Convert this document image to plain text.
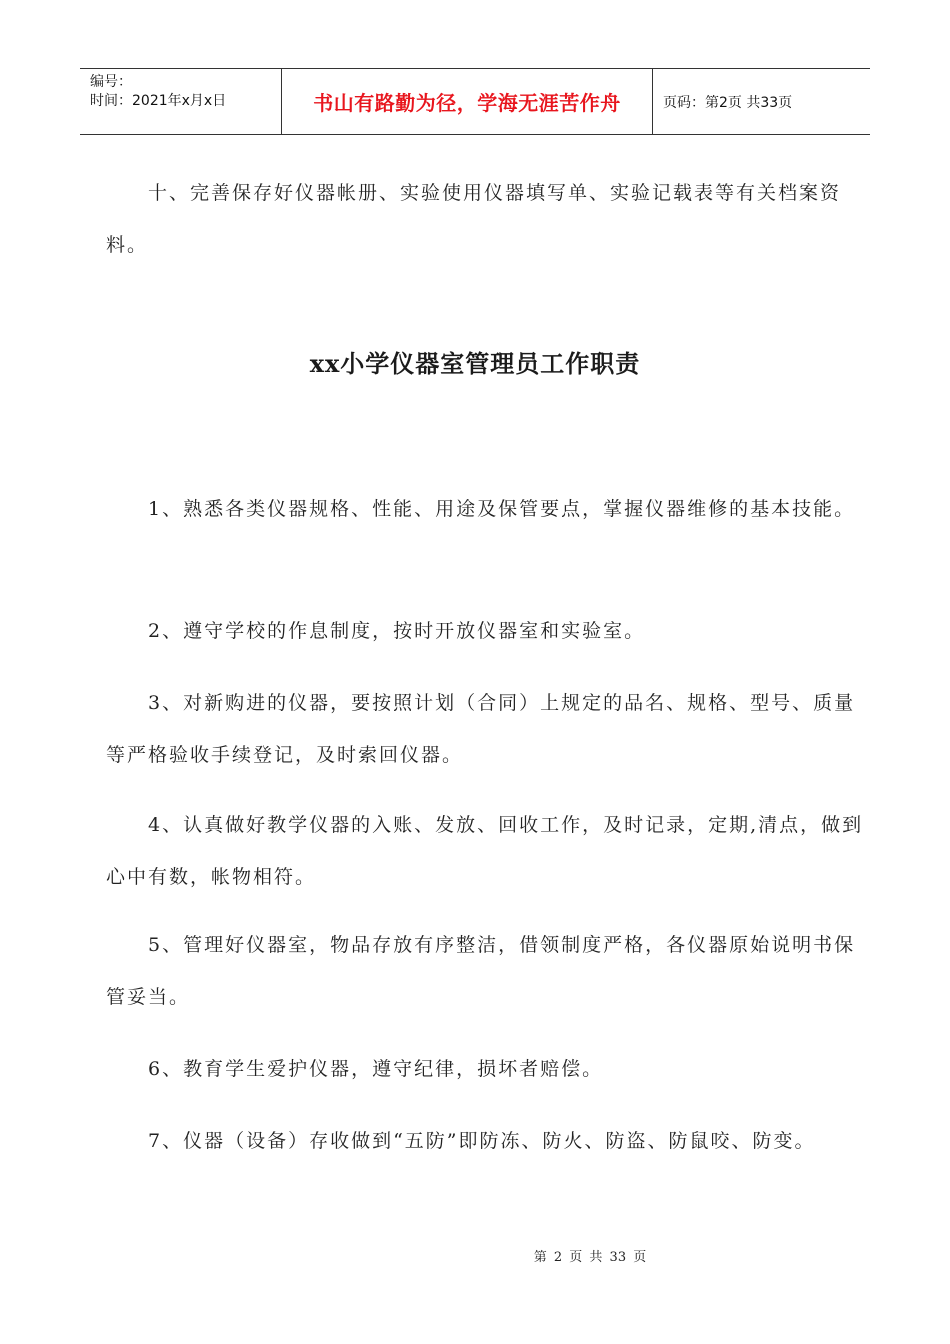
编号：
时间：2021年x月x日	书山有路勤为径，学海无涯苦作舟	页码：第2页 共33页
十、完善保存好仪器帐册、实验使用仪器填写单、实验记载表等有关档案资料。
xx小学仪器室管理员工作职责
1、熟悉各类仪器规格、性能、用途及保管要点，掌握仪器维修的基本技能。
2、遵守学校的作息制度，按时开放仪器室和实验室。
3、对新购进的仪器，要按照计划（合同）上规定的品名、规格、型号、质量等严格验收手续登记，及时索回仪器。
4、认真做好教学仪器的入账、发放、回收工作，及时记录，定期,清点，做到心中有数，帐物相符。
5、管理好仪器室，物品存放有序整洁，借领制度严格，各仪器原始说明书保管妥当。
6、教育学生爱护仪器，遵守纪律，损坏者赔偿。
7、仪器（设备）存收做到“五防”即防冻、防火、防盗、防鼠咬、防变。
第 2 页 共 33 页
